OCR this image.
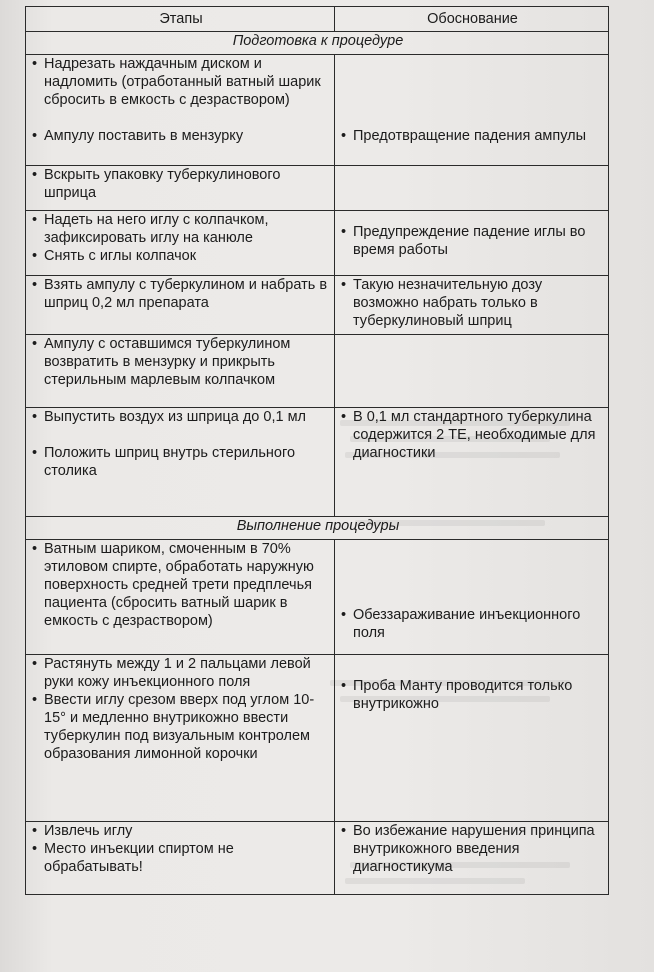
Этапы	Обоснование
Подготовка к процедуре	

• Надрезать наждачным диском и надломить (отработанный ватный шарик сбросить в емкость с дезраствором)
• Ампулу поставить в мензурку	• Предотвращение падения ампулы

• Вскрыть упаковку туберкулинового шприца

• Надеть на него иглу с колпачком, зафиксировать иглу на канюле
• Снять с иглы колпачок	• Предупреждение падение иглы во время работы

• Взять ампулу с туберкулином и набрать в шприц 0,2 мл препарата	• Такую незначительную дозу возможно набрать только в туберкулиновый шприц

• Ампулу с оставшимся туберкулином возвратить в мензурку и прикрыть стерильным марлевым колпачком

• Выпустить воздух из шприца до 0,1 мл
• Положить шприц внутрь стерильного столика	• В 0,1 мл стандартного туберкулина содержится 2 ТЕ, необходимые для диагностики

Выполнение процедуры	

• Ватным шариком, смоченным в 70% этиловом спирте, обработать наружную поверхность средней трети предплечья пациента (сбросить ватный шарик в емкость с дезраствором)	• Обеззараживание инъекционного поля

• Растянуть между 1 и 2 пальцами левой руки кожу инъекционного поля
• Ввести иглу срезом вверх под углом 10-15° и медленно внутрикожно ввести туберкулин под визуальным контролем образования лимонной корочки	• Проба Манту проводится только внутрикожно

• Извлечь иглу
• Место инъекции спиртом не обрабатывать!	• Во избежание нарушения принципа внутрикожного введения диагностикума
